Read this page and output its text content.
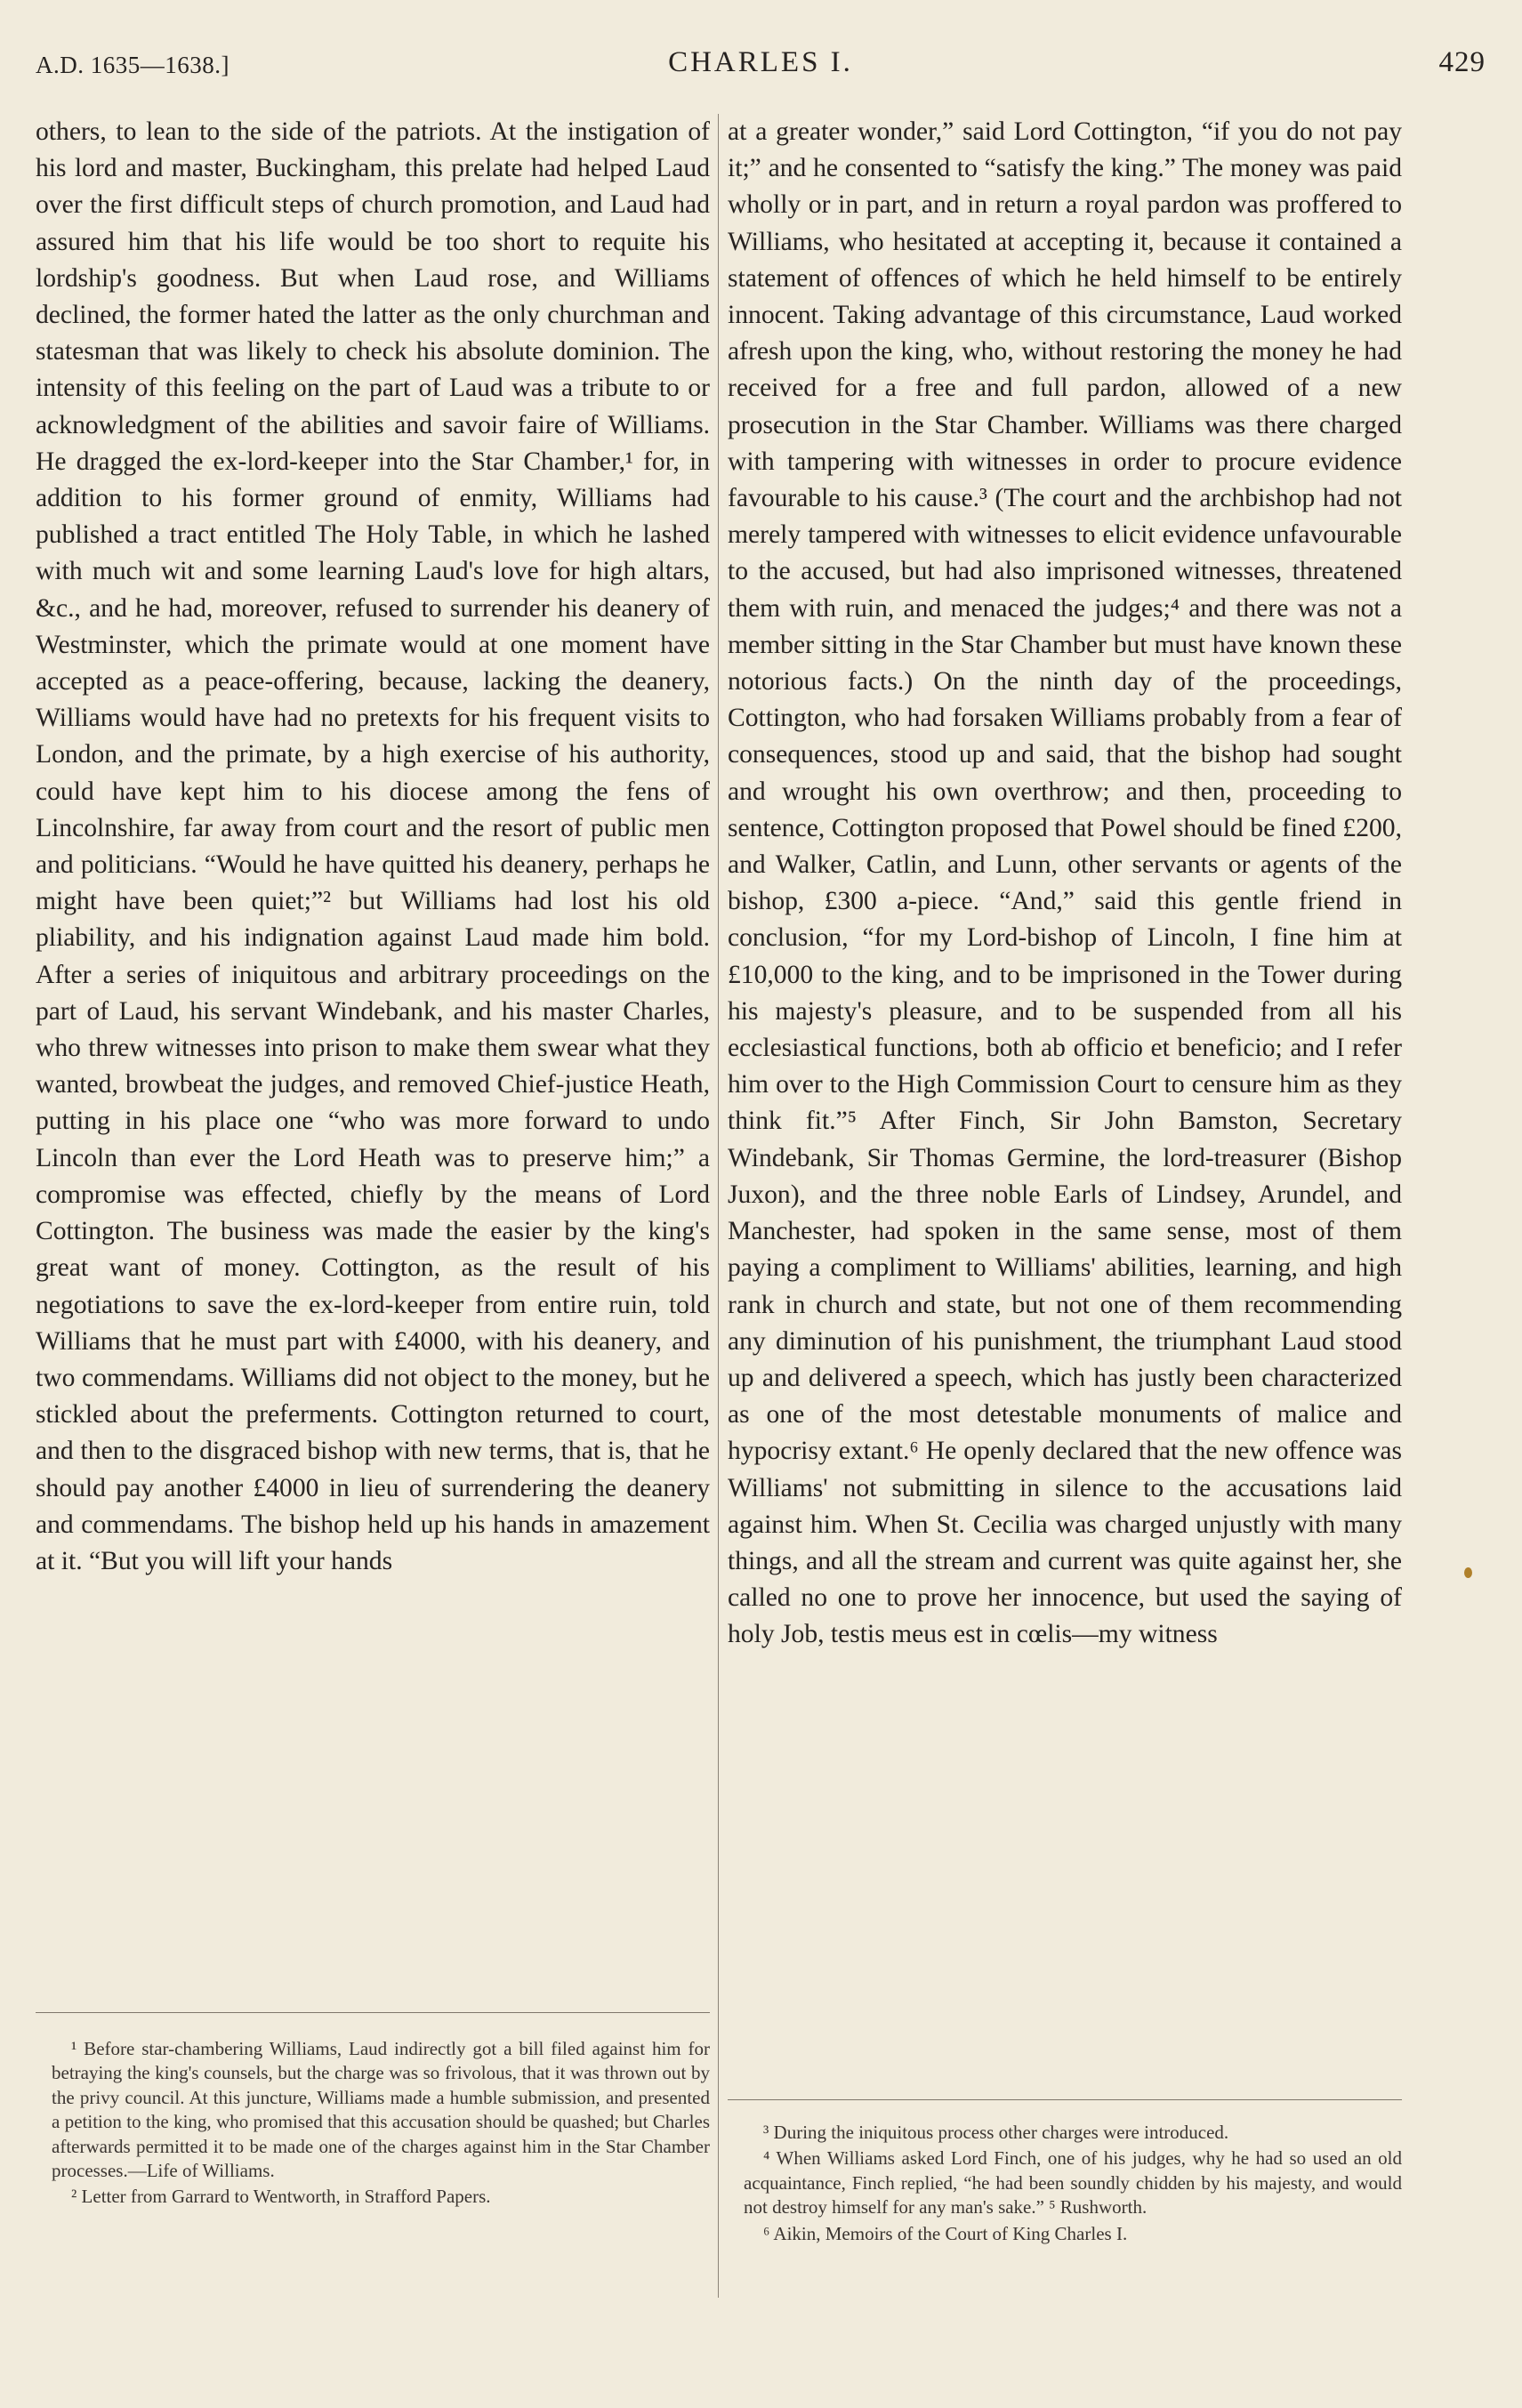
A.D. 1635—1638.]	CHARLES I.	429

others, to lean to the side of the patriots. At the instigation of his lord and master, Buckingham, this prelate had helped Laud over the first difficult steps of church promotion, and Laud had assured him that his life would be too short to requite his lordship's goodness. But when Laud rose, and Williams declined, the former hated the latter as the only churchman and statesman that was likely to check his absolute dominion. The intensity of this feeling on the part of Laud was a tribute to or acknowledgment of the abilities and savoir faire of Williams. He dragged the ex-lord-keeper into the Star Chamber,¹ for, in addition to his former ground of enmity, Williams had published a tract entitled The Holy Table, in which he lashed with much wit and some learning Laud's love for high altars, &c., and he had, moreover, refused to surrender his deanery of Westminster, which the primate would at one moment have accepted as a peace-offering, because, lacking the deanery, Williams would have had no pretexts for his frequent visits to London, and the primate, by a high exercise of his authority, could have kept him to his diocese among the fens of Lincolnshire, far away from court and the resort of public men and politicians. “Would he have quitted his deanery, perhaps he might have been quiet;”² but Williams had lost his old pliability, and his indignation against Laud made him bold. After a series of iniquitous and arbitrary proceedings on the part of Laud, his servant Windebank, and his master Charles, who threw witnesses into prison to make them swear what they wanted, browbeat the judges, and removed Chief-justice Heath, putting in his place one “who was more forward to undo Lincoln than ever the Lord Heath was to preserve him;” a compromise was effected, chiefly by the means of Lord Cottington. The business was made the easier by the king's great want of money. Cottington, as the result of his negotiations to save the ex-lord-keeper from entire ruin, told Williams that he must part with £4000, with his deanery, and two commendams. Williams did not object to the money, but he stickled about the preferments. Cottington returned to court, and then to the disgraced bishop with new terms, that is, that he should pay another £4000 in lieu of surrendering the deanery and commendams. The bishop held up his hands in amazement at it. “But you will lift your hands

at a greater wonder,” said Lord Cottington, “if you do not pay it;” and he consented to “satisfy the king.” The money was paid wholly or in part, and in return a royal pardon was proffered to Williams, who hesitated at accepting it, because it contained a statement of offences of which he held himself to be entirely innocent. Taking advantage of this circumstance, Laud worked afresh upon the king, who, without restoring the money he had received for a free and full pardon, allowed of a new prosecution in the Star Chamber. Williams was there charged with tampering with witnesses in order to procure evidence favourable to his cause.³ (The court and the archbishop had not merely tampered with witnesses to elicit evidence unfavourable to the accused, but had also imprisoned witnesses, threatened them with ruin, and menaced the judges;⁴ and there was not a member sitting in the Star Chamber but must have known these notorious facts.) On the ninth day of the proceedings, Cottington, who had forsaken Williams probably from a fear of consequences, stood up and said, that the bishop had sought and wrought his own overthrow; and then, proceeding to sentence, Cottington proposed that Powel should be fined £200, and Walker, Catlin, and Lunn, other servants or agents of the bishop, £300 a-piece. “And,” said this gentle friend in conclusion, “for my Lord-bishop of Lincoln, I fine him at £10,000 to the king, and to be imprisoned in the Tower during his majesty's pleasure, and to be suspended from all his ecclesiastical functions, both ab officio et beneficio; and I refer him over to the High Commission Court to censure him as they think fit.”⁵ After Finch, Sir John Bamston, Secretary Windebank, Sir Thomas Germine, the lord-treasurer (Bishop Juxon), and the three noble Earls of Lindsey, Arundel, and Manchester, had spoken in the same sense, most of them paying a compliment to Williams' abilities, learning, and high rank in church and state, but not one of them recommending any diminution of his punishment, the triumphant Laud stood up and delivered a speech, which has justly been characterized as one of the most detestable monuments of malice and hypocrisy extant.⁶ He openly declared that the new offence was Williams' not submitting in silence to the accusations laid against him. When St. Cecilia was charged unjustly with many things, and all the stream and current was quite against her, she called no one to prove her innocence, but used the saying of holy Job, testis meus est in cœlis—my witness

¹ Before star-chambering Williams, Laud indirectly got a bill filed against him for betraying the king's counsels, but the charge was so frivolous, that it was thrown out by the privy council. At this juncture, Williams made a humble submission, and presented a petition to the king, who promised that this accusation should be quashed; but Charles afterwards permitted it to be made one of the charges against him in the Star Chamber processes.—Life of Williams.

² Letter from Garrard to Wentworth, in Strafford Papers.

³ During the iniquitous process other charges were introduced.

⁴ When Williams asked Lord Finch, one of his judges, why he had so used an old acquaintance, Finch replied, “he had been soundly chidden by his majesty, and would not destroy himself for any man's sake.” ⁵ Rushworth.

⁶ Aikin, Memoirs of the Court of King Charles I.
